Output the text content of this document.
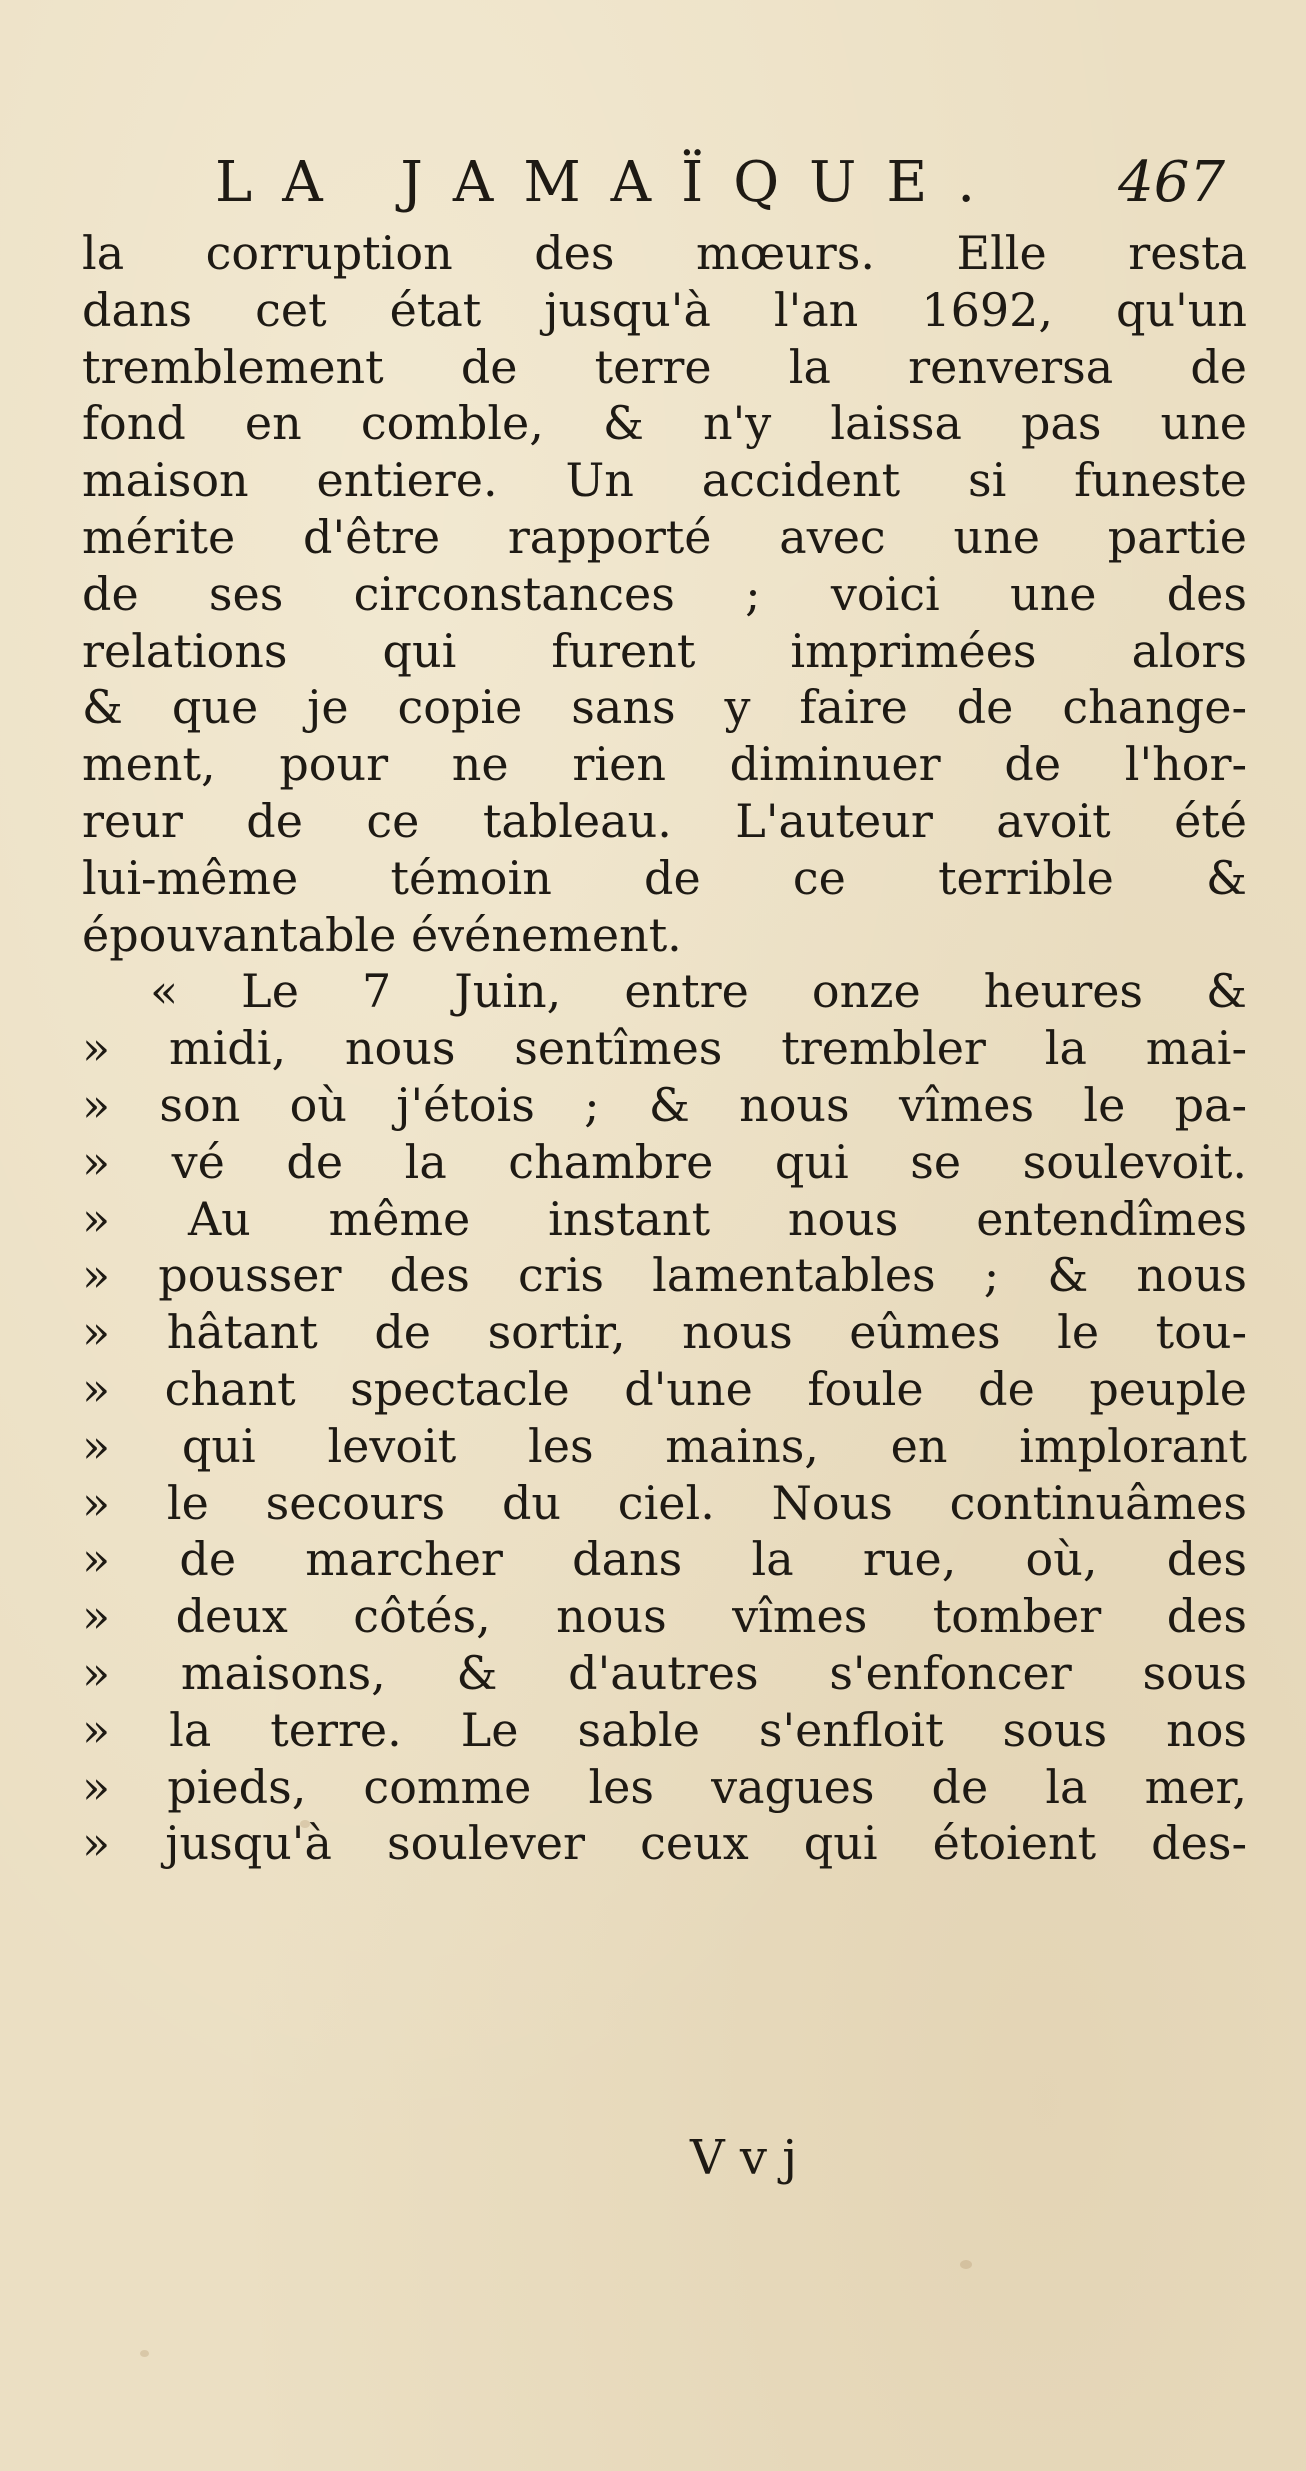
LA JAMAÏQUE. 467
la corruption des mœurs. Elle resta
dans cet état jusqu'à l'an 1692, qu'un
tremblement de terre la renversa de
fond en comble, & n'y laissa pas une
maison entiere. Un accident si funeste
mérite d'être rapporté avec une partie
de ses circonstances ; voici une des
relations qui furent imprimées alors
& que je copie sans y faire de change-
ment, pour ne rien diminuer de l'hor-
reur de ce tableau. L'auteur avoit été
lui-même témoin de ce terrible &
épouvantable événement.
« Le 7 Juin, entre onze heures &
» midi, nous sentîmes trembler la mai-
» son où j'étois ; & nous vîmes le pa-
» vé de la chambre qui se soulevoit.
» Au même instant nous entendîmes
» pousser des cris lamentables ; & nous
» hâtant de sortir, nous eûmes le tou-
» chant spectacle d'une foule de peuple
» qui levoit les mains, en implorant
» le secours du ciel. Nous continuâmes
» de marcher dans la rue, où, des
» deux côtés, nous vîmes tomber des
» maisons, & d'autres s'enfoncer sous
» la terre. Le sable s'enfloit sous nos
» pieds, comme les vagues de la mer,
» jusqu'à soulever ceux qui étoient des-
V v j
